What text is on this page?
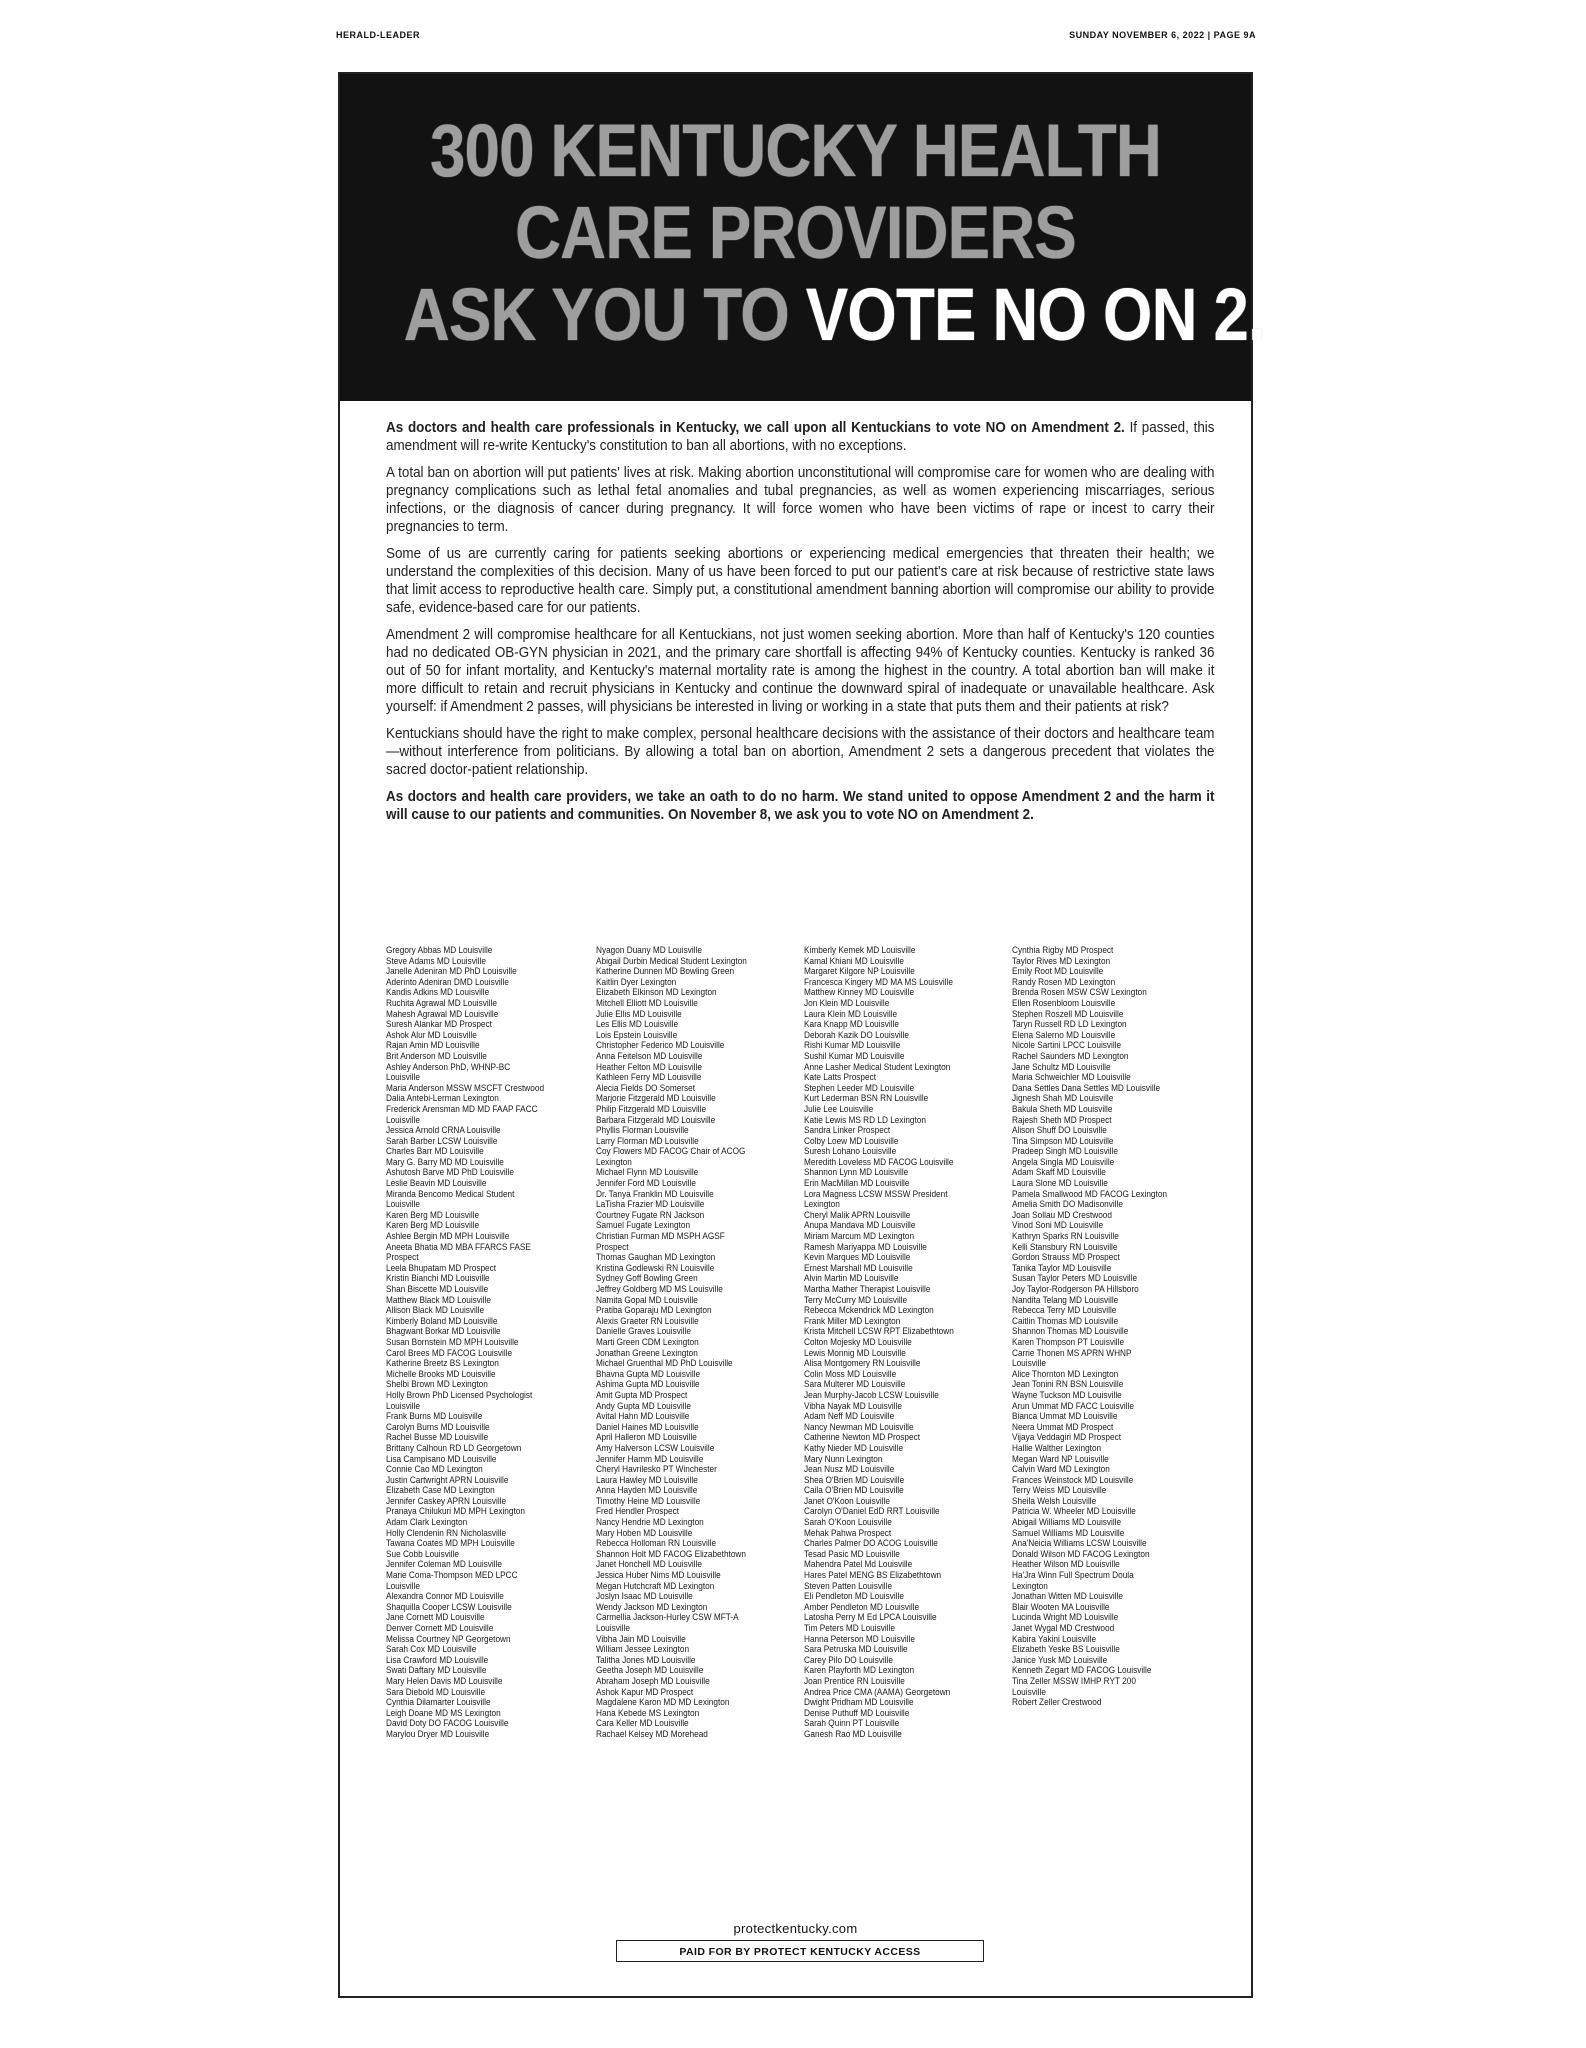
HERALD-LEADER	SUNDAY NOVEMBER 6, 2022 | PAGE 9A
300 KENTUCKY HEALTH
CARE PROVIDERS
ASK YOU TO VOTE NO ON 2.

As doctors and health care professionals in Kentucky, we call upon all Kentuckians to vote NO on Amendment 2. If passed, this amendment will re-write Kentucky's constitution to ban all abortions, with no exceptions.

A total ban on abortion will put patients' lives at risk. Making abortion unconstitutional will compromise care for women who are dealing with pregnancy complications such as lethal fetal anomalies and tubal pregnancies, as well as women experiencing miscarriages, serious infections, or the diagnosis of cancer during pregnancy. It will force women who have been victims of rape or incest to carry their pregnancies to term.

Some of us are currently caring for patients seeking abortions or experiencing medical emergencies that threaten their health; we understand the complexities of this decision. Many of us have been forced to put our patient's care at risk because of restrictive state laws that limit access to reproductive health care. Simply put, a constitutional amendment banning abortion will compromise our ability to provide safe, evidence-based care for our patients.

Amendment 2 will compromise healthcare for all Kentuckians, not just women seeking abortion. More than half of Kentucky's 120 counties had no dedicated OB-GYN physician in 2021, and the primary care shortfall is affecting 94% of Kentucky counties. Kentucky is ranked 36 out of 50 for infant mortality, and Kentucky's maternal mortality rate is among the highest in the country. A total abortion ban will make it more difficult to retain and recruit physicians in Kentucky and continue the downward spiral of inadequate or unavailable healthcare. Ask yourself: if Amendment 2 passes, will physicians be interested in living or working in a state that puts them and their patients at risk?

Kentuckians should have the right to make complex, personal healthcare decisions with the assistance of their doctors and healthcare team—without interference from politicians. By allowing a total ban on abortion, Amendment 2 sets a dangerous precedent that violates the sacred doctor-patient relationship.

As doctors and health care providers, we take an oath to do no harm. We stand united to oppose Amendment 2 and the harm it will cause to our patients and communities. On November 8, we ask you to vote NO on Amendment 2.

Gregory Abbas MD Louisville
Steve Adams MD Louisville
Janelle Adeniran MD PhD Louisville
Aderinto Adeniran DMD Louisville
Kandis Adkins MD Louisville
Ruchita Agrawal MD Louisville
Mahesh Agrawal MD Louisville
Suresh Alankar MD Prospect
Ashok Alur MD Louisville
Rajan Amin MD Louisville
Brit Anderson MD Louisville
Ashley Anderson PhD, WHNP-BC
Louisville
Maria Anderson MSSW MSCFT Crestwood
Dalia Antebi-Lerman Lexington
Frederick Arensman MD MD FAAP FACC
Louisville
Jessica Arnold CRNA Louisville
Sarah Barber LCSW Louisville
Charles Barr MD Louisville
Mary G. Barry MD MD Louisville
Ashutosh Barve MD PhD Louisville
Leslie Beavin MD Louisville
Miranda Bencomo Medical Student
Louisville
Karen Berg MD Louisville
Karen Berg MD Louisville
Ashlee Bergin MD MPH Louisville
Aneeta Bhatia MD MBA FFARCS FASE
Prospect
Leela Bhupatam MD Prospect
Kristin Bianchi MD Louisville
Shan Biscette MD Louisville
Matthew Black MD Louisville
Allison Black MD Louisville
Kimberly Boland MD Louisville
Bhagwant Borkar MD Louisville
Susan Bornstein MD MPH Louisville
Carol Brees MD FACOG Louisville
Katherine Breetz BS Lexington
Michelle Brooks MD Louisville
Shelbi Brown MD Lexington
Holly Brown PhD Licensed Psychologist
Louisville
Frank Burns MD Louisville
Carolyn Burns MD Louisville
Rachel Busse MD Louisville
Brittany Calhoun RD LD Georgetown
Lisa Campisano MD Louisville
Connie Cao MD Lexington
Justin Cartwright APRN Louisville
Elizabeth Case MD Lexington
Jennifer Caskey APRN Louisville
Pranaya Chilukuri MD MPH Lexington
Adam Clark Lexington
Holly Clendenin RN Nicholasville
Tawana Coates MD MPH Louisville
Sue Cobb Louisville
Jennifer Coleman MD Louisville
Marie Coma-Thompson MED LPCC
Louisville
Alexandra Connor MD Louisville
Shaquilla Cooper LCSW Louisville
Jane Cornett MD Louisville
Denver Cornett MD Louisville
Melissa Courtney NP Georgetown
Sarah Cox MD Louisville
Lisa Crawford MD Louisville
Swati Daftary MD Louisville
Mary Helen Davis MD Louisville
Sara Diebold MD Louisville
Cynthia Dilamarter Louisville
Leigh Doane MD MS Lexington
David Doty DO FACOG Louisville
Marylou Dryer MD Louisville
Nyagon Duany MD Louisville
Abigail Durbin Medical Student Lexington
Katherine Dunnen MD Bowling Green
Kaitlin Dyer Lexington
Elizabeth Elkinson MD Lexington
Mitchell Elliott MD Louisville
Julie Ellis MD Louisville
Les Ellis MD Louisville
Lois Epstein Louisville
Christopher Federico MD Louisville
Anna Feitelson MD Louisville
Heather Felton MD Louisville
Kathleen Ferry MD Louisville
Alecia Fields DO Somerset
Marjorie Fitzgerald MD Louisville
Philip Fitzgerald MD Louisville
Barbara Fitzgerald MD Louisville
Phyllis Florman Louisville
Larry Florman MD Louisville
Coy Flowers MD FACOG Chair of ACOG
Lexington
Michael Flynn MD Louisville
Jennifer Ford MD Louisville
Dr. Tanya Franklin MD Louisville
LaTisha Frazier MD Louisville
Courtney Fugate RN Jackson
Samuel Fugate Lexington
Christian Furman MD MSPH AGSF
Prospect
Thomas Gaughan MD Lexington
Kristina Godlewski RN Louisville
Sydney Goff Bowling Green
Jeffrey Goldberg MD MS Louisville
Namita Gopal MD Louisville
Pratiba Goparaju MD Lexington
Alexis Graeter RN Louisville
Danielle Graves Louisville
Marti Green CDM Lexington
Jonathan Greene Lexington
Michael Gruenthal MD PhD Louisville
Bhavna Gupta MD Louisville
Ashima Gupta MD Louisville
Amit Gupta MD Prospect
Andy Gupta MD Louisville
Avital Hahn MD Louisville
Daniel Haines MD Louisville
April Halleron MD Louisville
Amy Halverson LCSW Louisville
Jennifer Hamm MD Louisville
Cheryl Havrilesko PT Winchester
Laura Hawley MD Louisville
Anna Hayden MD Louisville
Timothy Heine MD Louisville
Fred Hendler Prospect
Nancy Hendrie MD Lexington
Mary Hoben MD Louisville
Rebecca Holloman RN Louisville
Shannon Holt MD FACOG Elizabethtown
Janet Honchell MD Louisville
Jessica Huber Nims MD Louisville
Megan Hutchcraft MD Lexington
Joslyn Isaac MD Louisville
Wendy Jackson MD Lexington
Carmellia Jackson-Hurley CSW MFT-A
Louisville
Vibha Jain MD Louisville
William Jessee Lexington
Talitha Jones MD Louisville
Geetha Joseph MD Louisville
Abraham Joseph MD Louisville
Ashok Kapur MD Prospect
Magdalene Karon MD MD Lexington
Hana Kebede MS Lexington
Cara Keller MD Louisville
Rachael Kelsey MD Morehead
Kimberly Kemek MD Louisville
Kamal Khiani MD Louisville
Margaret Kilgore NP Louisville
Francesca Kingery MD MA MS Louisville
Matthew Kinney MD Louisville
Jon Klein MD Louisville
Laura Klein MD Louisville
Kara Knapp MD Louisville
Deborah Kazik DO Louisville
Rishi Kumar MD Louisville
Sushil Kumar MD Louisville
Anne Lasher Medical Student Lexington
Kate Latts Prospect
Stephen Leeder MD Louisville
Kurt Lederman BSN RN Louisville
Julie Lee Louisville
Katie Lewis MS RD LD Lexington
Sandra Linker Prospect
Colby Loew MD Louisville
Suresh Lohano Louisville
Meredith Loveless MD FACOG Louisville
Shannon Lynn MD Louisville
Erin MacMillan MD Louisville
Lora Magness LCSW MSSW President
Lexington
Cheryl Malik APRN Louisville
Anupa Mandava MD Louisville
Miriam Marcum MD Lexington
Ramesh Mariyappa MD Louisville
Kevin Marques MD Louisville
Ernest Marshall MD Louisville
Alvin Martin MD Louisville
Martha Mather Therapist Louisville
Terry McCurry MD Louisville
Rebecca Mckendrick MD Lexington
Frank Miller MD Lexington
Krista Mitchell LCSW RPT Elizabethtown
Colton Mojesky MD Louisville
Lewis Monnig MD Louisville
Alisa Montgomery RN Louisville
Colin Moss MD Louisville
Sara Multerer MD Louisville
Jean Murphy-Jacob LCSW Louisville
Vibha Nayak MD Louisville
Adam Neff MD Louisville
Nancy Newman MD Louisville
Catherine Newton MD Prospect
Kathy Nieder MD Louisville
Mary Nunn Lexington
Jean Nusz MD Louisville
Shea O'Brien MD Louisville
Caila O'Brien MD Louisville
Janet O'Koon Louisville
Carolyn O'Daniel EdD RRT Louisville
Sarah O'Koon Louisville
Mehak Pahwa Prospect
Charles Palmer DO ACOG Louisville
Tesad Pasic MD Louisville
Mahendra Patel Md Louisville
Hares Patel MENG BS Elizabethtown
Steven Patten Louisville
Eli Pendleton MD Louisville
Amber Pendleton MD Louisville
Latosha Perry M Ed LPCA Louisville
Tim Peters MD Louisville
Hanna Peterson MD Louisville
Sara Petruska MD Louisville
Carey Pilo DO Louisville
Karen Playforth MD Lexington
Joan Prentice RN Louisville
Andrea Price CMA (AAMA) Georgetown
Dwight Pridham MD Louisville
Denise Puthuff MD Louisville
Sarah Quinn PT Louisville
Ganesh Rao MD Louisville
Cynthia Rigby MD Prospect
Taylor Rives MD Lexington
Emily Root MD Louisville
Randy Rosen MD Lexington
Brenda Rosen MSW CSW Lexington
Ellen Rosenbloom Louisville
Stephen Roszell MD Louisville
Taryn Russell RD LD Lexington
Elena Salerno MD Louisville
Nicole Sartini LPCC Louisville
Rachel Saunders MD Lexington
Jane Schultz MD Louisville
Maria Schweichler MD Louisville
Dana Settles Dana Settles MD Louisville
Jignesh Shah MD Louisville
Bakula Sheth MD Louisville
Rajesh Sheth MD Prospect
Alison Shuff DO Louisville
Tina Simpson MD Louisville
Pradeep Singh MD Louisville
Angela Singla MD Louisville
Adam Skaff MD Louisville
Laura Slone MD Louisville
Pamela Smallwood MD FACOG Lexington
Amelia Smith DO Madisonville
Joan Sollau MD Crestwood
Vinod Soni MD Louisville
Kathryn Sparks RN Louisville
Kelli Stansbury RN Louisville
Gordon Strauss MD Prospect
Tanika Taylor MD Louisville
Susan Taylor Peters MD Louisville
Joy Taylor-Rodgerson PA Hillsboro
Nandita Telang MD Louisville
Rebecca Terry MD Louisville
Caitlin Thomas MD Louisville
Shannon Thomas MD Louisville
Karen Thompson PT Louisville
Carrie Thonen MS APRN WHNP
Louisville
Alice Thornton MD Lexington
Jean Tonini RN BSN Louisville
Wayne Tuckson MD Louisville
Arun Ummat MD FACC Louisville
Bianca Ummat MD Louisville
Neera Ummat MD Prospect
Vijaya Veddagiri MD Prospect
Hallie Walther Lexington
Megan Ward NP Louisville
Calvin Ward MD Lexington
Frances Weinstock MD Louisville
Terry Weiss MD Louisville
Sheila Welsh Louisville
Patricia W. Wheeler MD Louisville
Abigail Williams MD Louisville
Samuel Williams MD Louisville
Ana'Neicia Williams LCSW Louisville
Donald Wilson MD FACOG Lexington
Heather Wilson MD Louisville
Ha'Jra Winn Full Spectrum Doula
Lexington
Jonathan Witten MD Louisville
Blair Wooten MA Louisville
Lucinda Wright MD Louisville
Janet Wygal MD Crestwood
Kabira Yakini Louisville
Elizabeth Yeske BS Louisville
Janice Yusk MD Louisville
Kenneth Zegart MD FACOG Louisville
Tina Zeller MSSW IMHP RYT 200
Louisville
Robert Zeller Crestwood
protectkentucky.com
PAID FOR BY PROTECT KENTUCKY ACCESS
